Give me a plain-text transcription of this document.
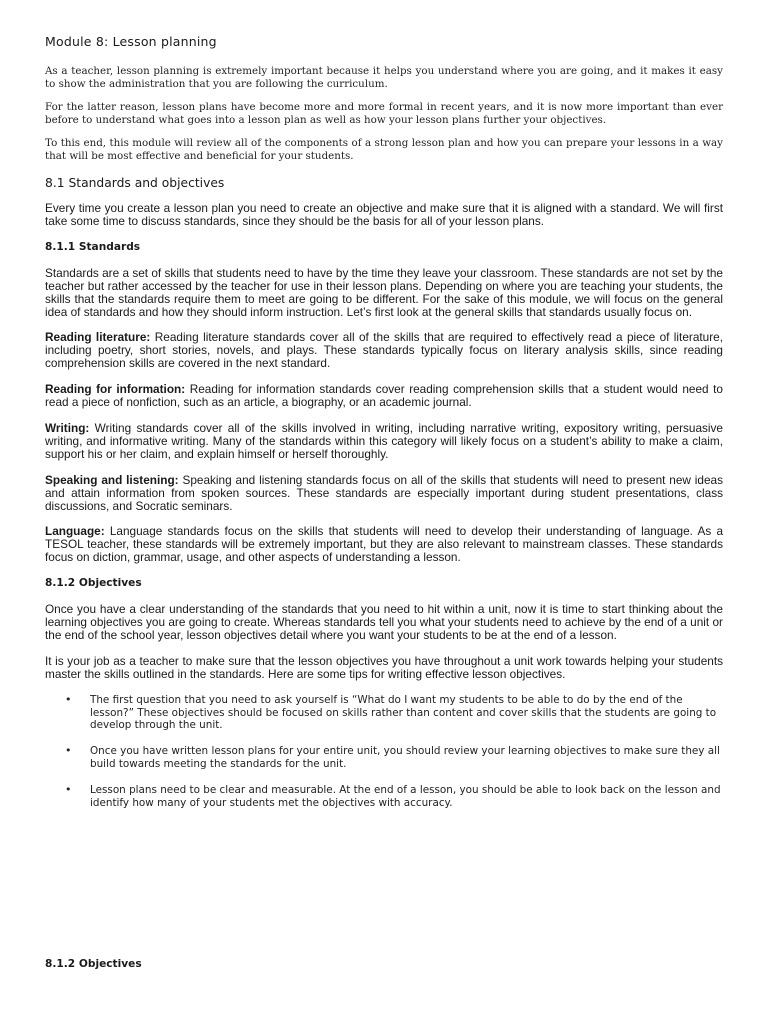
Module 8: Lesson planning

As a teacher, lesson planning is extremely important because it helps you understand where you are going, and it makes it easy to show the administration that you are following the curriculum.

For the latter reason, lesson plans have become more and more formal in recent years, and it is now more important than ever before to understand what goes into a lesson plan as well as how your lesson plans further your objectives.

To this end, this module will review all of the components of a strong lesson plan and how you can prepare your lessons in a way that will be most effective and beneficial for your students.

8.1 Standards and objectives

Every time you create a lesson plan you need to create an objective and make sure that it is aligned with a standard. We will first take some time to discuss standards, since they should be the basis for all of your lesson plans.

8.1.1 Standards

Standards are a set of skills that students need to have by the time they leave your classroom. These standards are not set by the teacher but rather accessed by the teacher for use in their lesson plans. Depending on where you are teaching your students, the skills that the standards require them to meet are going to be different. For the sake of this module, we will focus on the general idea of standards and how they should inform instruction. Let’s first look at the general skills that standards usually focus on.

Reading literature: Reading literature standards cover all of the skills that are required to effectively read a piece of literature, including poetry, short stories, novels, and plays. These standards typically focus on literary analysis skills, since reading comprehension skills are covered in the next standard.

Reading for information: Reading for information standards cover reading comprehension skills that a student would need to read a piece of nonfiction, such as an article, a biography, or an academic journal.

Writing: Writing standards cover all of the skills involved in writing, including narrative writing, expository writing, persuasive writing, and informative writing. Many of the standards within this category will likely focus on a student’s ability to make a claim, support his or her claim, and explain himself or herself thoroughly.

Speaking and listening: Speaking and listening standards focus on all of the skills that students will need to present new ideas and attain information from spoken sources. These standards are especially important during student presentations, class discussions, and Socratic seminars.

Language: Language standards focus on the skills that students will need to develop their understanding of language. As a TESOL teacher, these standards will be extremely important, but they are also relevant to mainstream classes. These standards focus on diction, grammar, usage, and other aspects of understanding a lesson.

8.1.2 Objectives

Once you have a clear understanding of the standards that you need to hit within a unit, now it is time to start thinking about the learning objectives you are going to create. Whereas standards tell you what your students need to achieve by the end of a unit or the end of the school year, lesson objectives detail where you want your students to be at the end of a lesson.

It is your job as a teacher to make sure that the lesson objectives you have throughout a unit work towards helping your students master the skills outlined in the standards. Here are some tips for writing effective lesson objectives.

• The first question that you need to ask yourself is “What do I want my students to be able to do by the end of the lesson?” These objectives should be focused on skills rather than content and cover skills that the students are going to develop through the unit.
• Once you have written lesson plans for your entire unit, you should review your learning objectives to make sure they all build towards meeting the standards for the unit.
• Lesson plans need to be clear and measurable. At the end of a lesson, you should be able to look back on the lesson and identify how many of your students met the objectives with accuracy.
8.1.2 Objectives
